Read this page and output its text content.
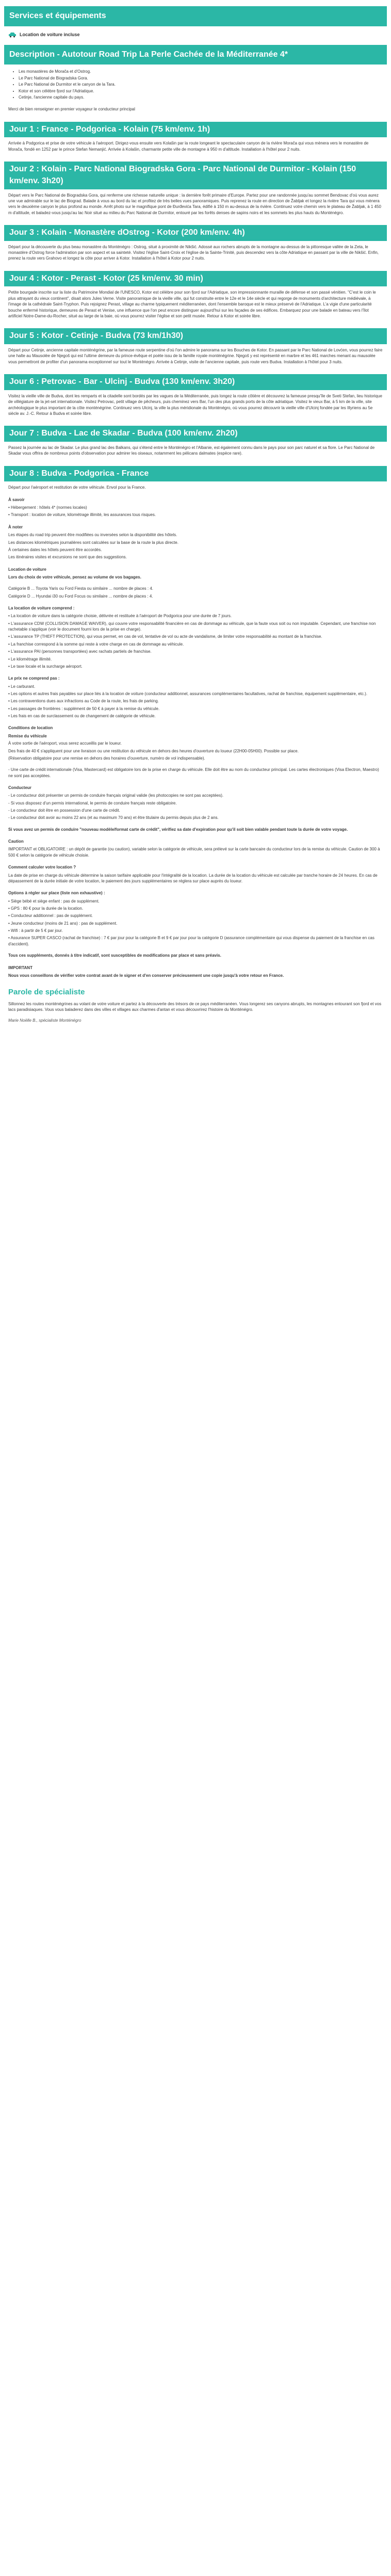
Services et équipements
Location de voiture incluse
Description - Autotour Road Trip La Perle Cachée de la Méditerranée 4*
• Les monastères de Morača et d'Ostrog.
• Le Parc National de Biogradska Gora.
• Le Parc National de Durmitor et le canyon de la Tara.
• Kotor et son célèbre fjord sur l'Adriatique.
• Cetinje, l'ancienne capitale du pays.
Merci de bien renseigner en premier voyageur le conducteur principal
Jour 1 : France - Podgorica - Kolain (75 km/env. 1h)
Arrivée à Podgorica et prise de votre véhicule à l'aéroport. Dirigez-vous ensuite vers Kolašin par la route longeant le spectaculaire canyon de la rivière Morača qui vous mènera vers le monastère de Morača, fondé en 1252 par le prince Stefan Nemanjić. Arrivée à Kolašin, charmante petite ville de montagne à 950 m d'altitude. Installation à l'hôtel pour 2 nuits.
Jour 2 : Kolain - Parc National Biogradska Gora - Parc National de Durmitor - Kolain (150 km/env. 3h20)
Départ vers le Parc National de Biogradska Gora, qui renferme une richesse naturelle unique : la dernière forêt primaire d'Europe. Partez pour une randonnée jusqu'au sommet Bendovac d'où vous aurez une vue admirable sur le lac de Biograd. Balade à vous au bord du lac et profitez de très belles vues panoramiques. Puis reprenez la route en direction de Žabljak et longez la rivière Tara qui vous mènera vers le deuxième canyon le plus profond au monde. Arrêt photo sur le magnifique pont de Đurđevića Tara, édifié à 150 m au-dessus de la rivière. Continuez votre chemin vers le plateau de Žabljak, à 1 450 m d'altitude, et baladez-vous jusqu'au lac Noir situé au milieu du Parc National de Durmitor, entouré par les forêts denses de sapins noirs et les sommets les plus hauts du Monténégro.
Jour 3 : Kolain - Monastère dOstrog - Kotor (200 km/env. 4h)
Départ pour la découverte du plus beau monastère du Monténégro : Ostrog, situé à proximité de Nikšić. Adossé aux rochers abrupts de la montagne au-dessus de la pittoresque vallée de la Zeta, le monastère d'Ostrog force l'admiration par son aspect et sa sainteté. Visitez l'église Saint-Croix et l'église de la Sainte-Trinité, puis descendez vers la côte Adriatique en passant par la ville de Nikšić. Enfin, prenez la route vers Grahovo et longez la côte pour arriver à Kotor. Installation à l'hôtel à Kotor pour 2 nuits.
Jour 4 : Kotor - Perast - Kotor (25 km/env. 30 min)
Petite bourgade inscrite sur la liste du Patrimoine Mondial de l'UNESCO, Kotor est célèbre pour son fjord sur l'Adriatique, son impressionnante muraille de défense et son passé vénitien. "C'est le coin le plus attrayant du vieux continent", disait alors Jules Verne. Visite panoramique de la vieille ville, qui fut construite entre le 12e et le 14e siècle et qui regorge de monuments d'architecture médiévale, à l'image de la cathédrale Saint-Tryphon. Puis rejoignez Perast, village au charme typiquement méditerranéen, dont l'ensemble baroque est le mieux préservé de l'Adriatique. L'a vigie d'une particularité bouche enfermé historique, demeures de Perast et Venise, une influence que l'on peut encore distinguer aujourd'hui sur les façades de ses édifices. Embarquez pour une balade en bateau vers l'îlot artificiel Notre-Dame-du-Rocher, situé au large de la baie, où vous pourrez visiter l'église et son petit musée. Retour à Kotor et soirée libre.
Jour 5 : Kotor - Cetinje - Budva (73 km/1h30)
Départ pour Cetinje, ancienne capitale monténégrine, par la fameuse route serpentine d'où l'on admire le panorama sur les Bouches de Kotor. En passant par le Parc National de Lovćen, vous pourrez faire une halte au Mausolée de Njegoš qui est l'ultime demeure du prince-évêque et poète issu de la famille royale monténégrine. Njegoš y est représenté en marbre et les 461 marches menant au mausolée vous permettront de profiter d'un panorama exceptionnel sur tout le Monténégro. Arrivée à Cetinje, visite de l'ancienne capitale, puis route vers Budva. Installation à l'hôtel pour 3 nuits.
Jour 6 : Petrovac - Bar - Ulcinj - Budva (130 km/env. 3h20)
Visitez la vieille ville de Budva, dont les remparts et la citadelle sont bordés par les vagues de la Méditerranée, puis longez la route côtière et découvrez la fameuse presqu'île de Sveti Stefan, lieu historique de villégiature de la jet-set internationale. Visitez Petrovac, petit village de pêcheurs, puis cheminez vers Bar, l'un des plus grands ports de la côte adriatique. Visitez le vieux Bar, à 5 km de la ville, site archéologique le plus important de la côte monténégrine. Continuez vers Ulcinj, la ville la plus méridionale du Monténégro, où vous pourrez découvrir la vieille ville d'Ulcinj fondée par les Illyriens au 5e siècle av. J.-C. Retour à Budva et soirée libre.
Jour 7 : Budva - Lac de Skadar - Budva (100 km/env. 2h20)
Passez la journée au lac de Skadar. Le plus grand lac des Balkans, qui s'étend entre le Monténégro et l'Albanie, est également connu dans le pays pour son parc naturel et sa flore. Le Parc National de Skadar vous offrira de nombreux points d'observation pour admirer les oiseaux, notamment les pélicans dalmates (espèce rare).
Jour 8 : Budva - Podgorica - France
Départ pour l'aéroport et restitution de votre véhicule. Envol pour la France.
À savoir
• Hébergement : hôtels 4* (normes locales)
• Transport : location de voiture, kilométrage illimité, les assurances tous risques.
À noter
Les étapes du road trip peuvent être modifiées ou inversées selon la disponibilité des hôtels.
Les distances kilométriques journalières sont calculées sur la base de la route la plus directe.
À certaines dates les hôtels peuvent être accordés.
Les itinéraires visites et excursions ne sont que des suggestions.
Location de voiture
Lors du choix de votre véhicule, pensez au volume de vos bagages.
Catégorie B ... Toyota Yaris ou Ford Fiesta ou similaire ... nombre de places : 4.
Catégorie D ... Hyundai i30 ou Ford Focus ou similaire ... nombre de places : 4.
La location de voiture comprend :
• La location de voiture dans la catégorie choisie, délivrée et restituée à l'aéroport de Podgorica pour une durée de 7 jours.
• L'assurance CDW (COLLISION DAMAGE WAIVER), qui couvre votre responsabilité financière en cas de dommage au véhicule, que la faute vous soit ou non imputable. Cependant, une franchise non rachetable s'applique (voir le document fourni lors de la prise en charge).
• L'assurance TP (THEFT PROTECTION), qui vous permet, en cas de vol, tentative de vol ou acte de vandalisme, de limiter votre responsabilité au montant de la franchise.
• La franchise correspond à la somme qui reste à votre charge en cas de dommage au véhicule.
• L'assurance PAI (personnes transportées) avec rachats partiels de franchise.
• Le kilométrage illimité.
• Le taxe locale et la surcharge aéroport.
Le prix ne comprend pas :
• Le carburant.
• Les options et autres frais payables sur place liés à la location de voiture (conducteur additionnel, assurances complémentaires facultatives, rachat de franchise, équipement supplémentaire, etc.).
• Les contraventions dues aux infractions au Code de la route, les frais de parking.
• Les passages de frontières : supplément de 50 € à payer à la remise du véhicule.
• Les frais en cas de surclassement ou de changement de catégorie de véhicule.
Conditions de location
Remise du véhicule
À votre sortie de l'aéroport, vous serez accueillis par le loueur.
Des frais de 40 € s'appliquent pour une livraison ou une restitution du véhicule en dehors des heures d'ouverture du loueur (22H00-05H00). Possible sur place.
(Réservation obligatoire pour une remise en dehors des horaires d'ouverture, numéro de vol indispensable).
- Une carte de crédit internationale (Visa, Mastercard) est obligatoire lors de la prise en charge du véhicule. Elle doit être au nom du conducteur principal. Les cartes électroniques (Visa Electron, Maestro) ne sont pas acceptées.
Conducteur
- Le conducteur doit présenter un permis de conduire français original valide (les photocopies ne sont pas acceptées).
- Si vous disposez d'un permis international, le permis de conduire français reste obligatoire.
- Le conducteur doit être en possession d'une carte de crédit.
- Le conducteur doit avoir au moins 22 ans (et au maximum 70 ans) et être titulaire du permis depuis plus de 2 ans.
Si vous avez un permis de conduire "nouveau modèle/format carte de crédit", vérifiez sa date d'expiration pour qu'il soit bien valable pendant toute la durée de votre voyage.
Caution
IMPORTANT et OBLIGATOIRE : un dépôt de garantie (ou caution), variable selon la catégorie de véhicule, sera prélevé sur la carte bancaire du conducteur lors de la remise du véhicule. Caution de 300 à 500 € selon la catégorie de véhicule choisie.
Comment calculer votre location ?
La date de prise en charge du véhicule détermine la saison tarifaire applicable pour l'intégralité de la location. La durée de la location du véhicule est calculée par tranche horaire de 24 heures. En cas de dépassement de la durée initiale de votre location, le paiement des jours supplémentaires se réglera sur place auprès du loueur.
Options à régler sur place (liste non exhaustive) :
• Siège bébé et siège enfant : pas de supplément.
• GPS : 80 € pour la durée de la location.
• Conducteur additionnel : pas de supplément.
• Jeune conducteur (moins de 21 ans) : pas de supplément.
• Wifi : à partir de 5 € par jour.
• Assurance SUPER CASCO (rachat de franchise) : 7 € par jour pour la catégorie B et 9 € par jour pour la catégorie D (assurance complémentaire qui vous dispense du paiement de la franchise en cas d'accident).
Tous ces suppléments, donnés à titre indicatif, sont susceptibles de modifications par place et sans préavis.
IMPORTANT
Nous vous conseillons de vérifier votre contrat avant de le signer et d'en conserver précieusement une copie jusqu'à votre retour en France.
Parole de spécialiste
Sillonnez les routes monténégrines au volant de votre voiture et partez à la découverte des trésors de ce pays méditerranéen. Vous longerez ses canyons abrupts, les montagnes entourant son fjord et vos lacs paradisiaques. Vous vous baladerez dans des villes et villages aux charmes d'antan et vous découvrirez l'histoire du Monténégro.
Marie Noëlle B., spécialiste Monténégro
